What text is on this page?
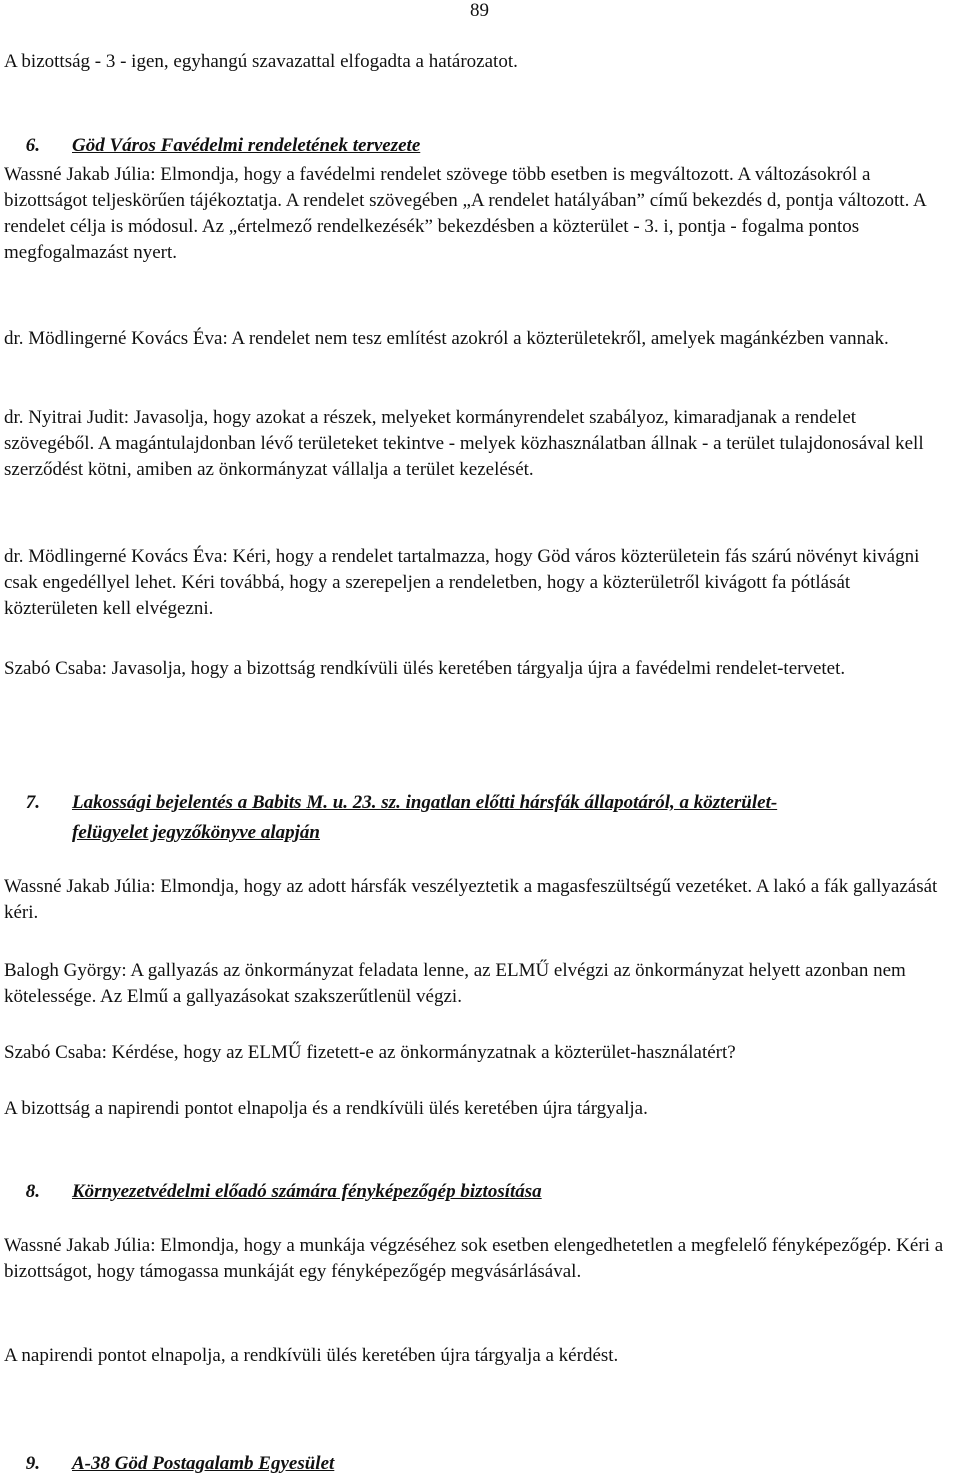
89

A bizottság - 3 - igen, egyhangú szavazattal elfogadta a határozatot.

6. Göd Város Favédelmi rendeletének tervezete

Wassné Jakab Júlia: Elmondja, hogy a favédelmi rendelet szövege több esetben is megváltozott. A változásokról a bizottságot teljeskörűen tájékoztatja. A rendelet szövegében „A rendelet hatályában” című bekezdés d, pontja változott. A rendelet célja is módosul. Az „értelmező rendelkezésék” bekezdésben a közterület - 3. i, pontja - fogalma pontos megfogalmazást nyert.

dr. Mödlingerné Kovács Éva: A rendelet nem tesz említést azokról a közterületekről, amelyek magánkézben vannak.

dr. Nyitrai Judit: Javasolja, hogy azokat a részek, melyeket kormányrendelet szabályoz, kimaradjanak a rendelet szövegéből. A magántulajdonban lévő területeket tekintve - melyek közhasználatban állnak - a terület tulajdonosával kell szerződést kötni, amiben az önkormányzat vállalja a terület kezelését.

dr. Mödlingerné Kovács Éva: Kéri, hogy a rendelet tartalmazza, hogy Göd város közterületein fás szárú növényt kivágni csak engedéllyel lehet. Kéri továbbá, hogy a szerepeljen a rendeletben, hogy a közterületről kivágott fa pótlását közterületen kell elvégezni.

Szabó Csaba: Javasolja, hogy a bizottság rendkívüli ülés keretében tárgyalja újra a favédelmi rendelet-tervetet.

7. Lakossági bejelentés a Babits M. u. 23. sz. ingatlan előtti hársfák állapotáról, a közterület-
felügyelet jegyzőkönyve alapján

Wassné Jakab Júlia: Elmondja, hogy az adott hársfák veszélyeztetik a magasfeszültségű vezetéket. A lakó a fák gallyazását kéri.

Balogh György: A gallyazás az önkormányzat feladata lenne, az ELMŰ elvégzi az önkormányzat helyett azonban nem kötelessége. Az Elmű a gallyazásokat szakszerűtlenül végzi.

Szabó Csaba: Kérdése, hogy az ELMŰ fizetett-e az önkormányzatnak a közterület-használatért?

A bizottság a napirendi pontot elnapolja és a rendkívüli ülés keretében újra tárgyalja.

8. Környezetvédelmi előadó számára fényképezőgép biztosítása

Wassné Jakab Júlia: Elmondja, hogy a munkája végzéséhez sok esetben elengedhetetlen a megfelelő fényképezőgép. Kéri a bizottságot, hogy támogassa munkáját egy fényképezőgép megvásárlásával.

A napirendi pontot elnapolja, a rendkívüli ülés keretében újra tárgyalja a kérdést.

9. A-38 Göd Postagalamb Egyesület
